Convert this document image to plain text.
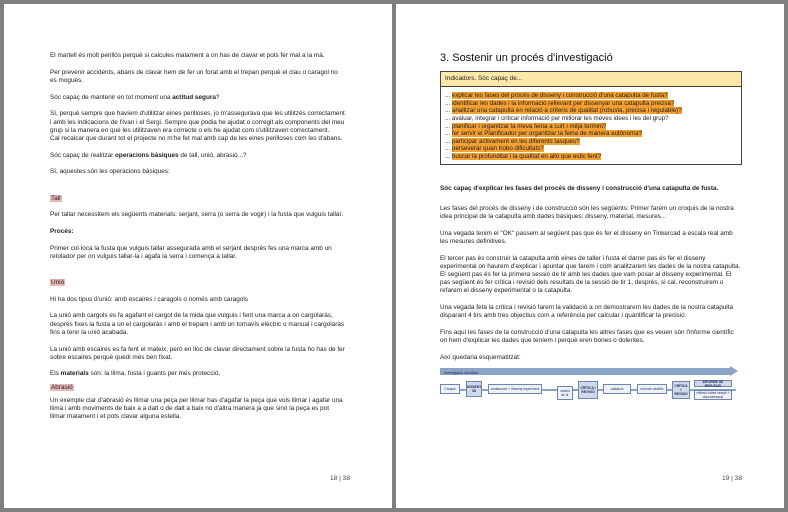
El martell és molt perillós perquè si calcules malament a on has de clavar et pots fer mal a la mà.

Per prevenir accidents, abans de clavar hem de fer un forat amb el trepan perquè el clau o caragol no es mogués.

Sóc capaç de mantenir en tot moment una actitud segura?

Sí, perquè sempre que havíem d'utilitzar eines perilloses, jo m'assegurava que les utilitzés correctament i amb les indicacions de l'Ivan i el Sergi. Sempre que podia he ajudat o corregit als components del meu grup si la manera en què les utilitzaven era correcte o els he ajudat com s'utilitzaven correctament.

Cal recalcar que durant tot el projecte no m'he fet mal amb cap de les eines perilloses com les d'abans.

Sóc capaç de realitzar operacions bàsiques de tall, unió, abrasió...?

Sí, aquestes són les operacions bàsiques:

Tall

Per tallar necessitem els següents materials: serjant, serra (o serra de vogir) i la fusta que vulguis tallar.

Procés:

Primer col·loca la fusta que vulguis tallar assegurada amb el serjant després fes una marca amb un retolador per on vulguis tallar-la i agafa la serra i comença a tallar.

Unió

Hi ha dos tipus d'unió: amb escaires i caragols o només amb caragols

La unió amb cargols es fa agafant el cargol de la mida que vulguis i fent una marca a on cargolaràs, després fixes la fusta a un el cargolaràs i amb el trepant i amb un tornavís elèctric o manual i cargolaràs fins a tenir la unió acabada.

La unió amb escaires es fa fent el mateix, però en lloc de clavar directament sobre la fusta ho has de fer sobre escaires perquè quedi més ben fixat.

Els materials són: la llima, fusta i guants per més protecció.

Abrasió

Un exemple clar d'abrasió és llimar una peça per llimar has d'agafar la peça que vols llimar i agafar una llima i amb moviments de baix a a dalt o de dalt a baix no d'altra manera ja que sinó la peça es pot llimar malament i et pots clavar alguna estella.

18 | 38
3. Sostenir un procés d'investigació
Indicadors. Sóc capaç de...
... explicar les fases del procés de disseny i construcció d'una catapulta de fusta?
... identificar les dades i la informació rellevant per dissenyar una catapulta precisa?
... analitzar una catapulta en relació a criteris de qualitat (robusta, precisa i regulable)?
... avaluar, integrar i criticar informació per millorar les meves idees i les del grup?
... planificar i organitzar la meva feina a curt i mitjà termini?
... fer servir el Planificador per organitzar la feina de manera autònoma?
... participar activament en les diferents tasques?
... perseverar quan trobo dificultats?
... buscar la profunditat i la qualitat en allò que estic fent?

Sóc capaç d'explicar les fases del procés de disseny i construcció d'una catapulta de fusta.

Les fases del procés de disseny i de construcció són les següents: Primer farem un croquis de la nostra idea principal de la catapulta amb dades bàsiques: disseny, material, mesures...

Una vegada tenim el "OK" passem al següent pas que és fer el disseny en Tinkercad a escala real amb les mesures definitives.

El tercer pas és construir la catapulta amb eines de taller i fusta el darrer pas és fer el disseny experimental on haurem d'explicar i apuntar que farem i com analitzarem les dades de la nostra catapulta. El següent pas és fer la primera sessió de tir amb les dades que vam posar al disseny experimental. El pas següent és fer crítica i revisió dels resultats de la sessió de tir 1, després, si cal, reconstruirem o refarem el disseny experimental o la catapulta.

Una vegada feta la crítica i revisió farem la validació a on demostrarem les dades de la nostra catapulta disparant 4 tirs amb tres objectius com a referència per calcular i quantificar la precisió.

Fins aquí les fases de la construcció d'una catapulta les altres fases que es veuen són l'informe científic on hem d'explicar les dades que teníem i perquè eren bones o dolentes.

Així quedaria esquematitzat:

Investigació científica
Croquis	DISSENY 3D	construcció + disseny experiment	sessió de tir
CRÍTICA I REVISIÓ
validació	informe científic
CRÍTICA I REVISIÓ
INFORME DE REFLEXIÓ
reflexió sobre sessió + documentació
19 | 38
